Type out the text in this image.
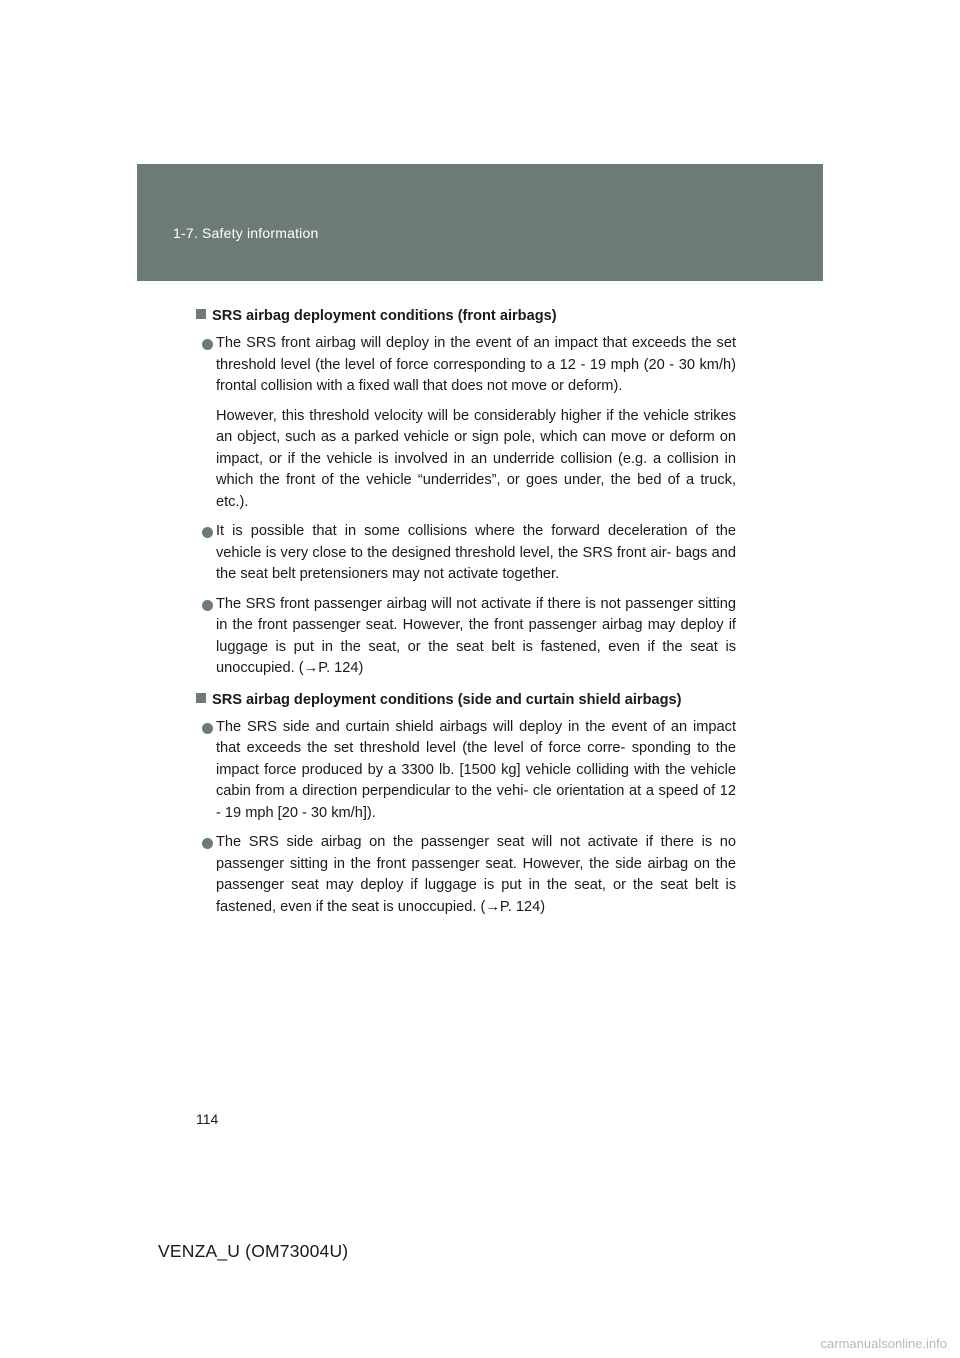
1-7. Safety information
SRS airbag deployment conditions (front airbags)

The SRS front airbag will deploy in the event of an impact that exceeds the set threshold level (the level of force corresponding to a 12 - 19 mph (20 - 30 km/h) frontal collision with a fixed wall that does not move or deform).

However, this threshold velocity will be considerably higher if the vehicle strikes an object, such as a parked vehicle or sign pole, which can move or deform on impact, or if the vehicle is involved in an underride collision (e.g. a collision in which the front of the vehicle “underrides”, or goes under, the bed of a truck, etc.).

It is possible that in some collisions where the forward deceleration of the vehicle is very close to the designed threshold level, the SRS front air- bags and the seat belt pretensioners may not activate together.

The SRS front passenger airbag will not activate if there is not passenger sitting in the front passenger seat. However, the front passenger airbag may deploy if luggage is put in the seat, or the seat belt is fastened, even if the seat is unoccupied. (→P. 124)

SRS airbag deployment conditions (side and curtain shield airbags)

The SRS side and curtain shield airbags will deploy in the event of an impact that exceeds the set threshold level (the level of force corre- sponding to the impact force produced by a 3300 lb. [1500 kg] vehicle colliding with the vehicle cabin from a direction perpendicular to the vehi- cle orientation at a speed of 12 - 19 mph [20 - 30 km/h]).

The SRS side airbag on the passenger seat will not activate if there is no passenger sitting in the front passenger seat. However, the side airbag on the passenger seat may deploy if luggage is put in the seat, or the seat belt is fastened, even if the seat is unoccupied. (→P. 124)

114
VENZA_U (OM73004U)
carmanualsonline.info
